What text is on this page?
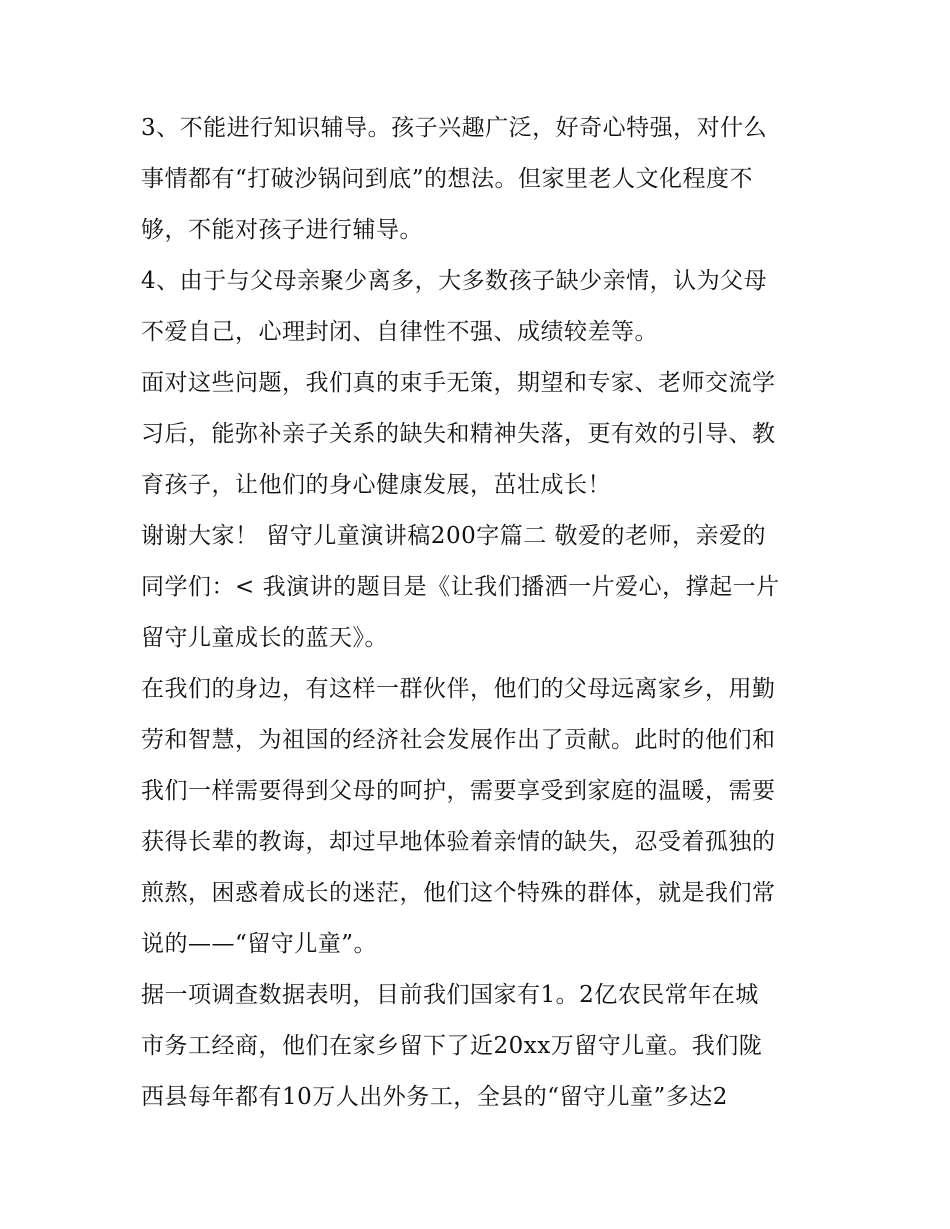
3、不能进行知识辅导。孩子兴趣广泛，好奇心特强，对什么
事情都有“打破沙锅问到底”的想法。但家里老人文化程度不
够，不能对孩子进行辅导。
4、由于与父母亲聚少离多，大多数孩子缺少亲情，认为父母
不爱自己，心理封闭、自律性不强、成绩较差等。
面对这些问题，我们真的束手无策，期望和专家、老师交流学
习后，能弥补亲子关系的缺失和精神失落，更有效的引导、教
育孩子，让他们的身心健康发展，茁壮成长！
谢谢大家！ 留守儿童演讲稿200字篇二 敬爱的老师，亲爱的
同学们：< 我演讲的题目是《让我们播洒一片爱心，撑起一片
留守儿童成长的蓝天》。
在我们的身边，有这样一群伙伴，他们的父母远离家乡，用勤
劳和智慧，为祖国的经济社会发展作出了贡献。此时的他们和
我们一样需要得到父母的呵护，需要享受到家庭的温暖，需要
获得长辈的教诲，却过早地体验着亲情的缺失，忍受着孤独的
煎熬，困惑着成长的迷茫，他们这个特殊的群体，就是我们常
说的——“留守儿童”。
据一项调查数据表明，目前我们国家有1。2亿农民常年在城
市务工经商，他们在家乡留下了近20xx万留守儿童。我们陇
西县每年都有10万人出外务工，全县的“留守儿童”多达2
